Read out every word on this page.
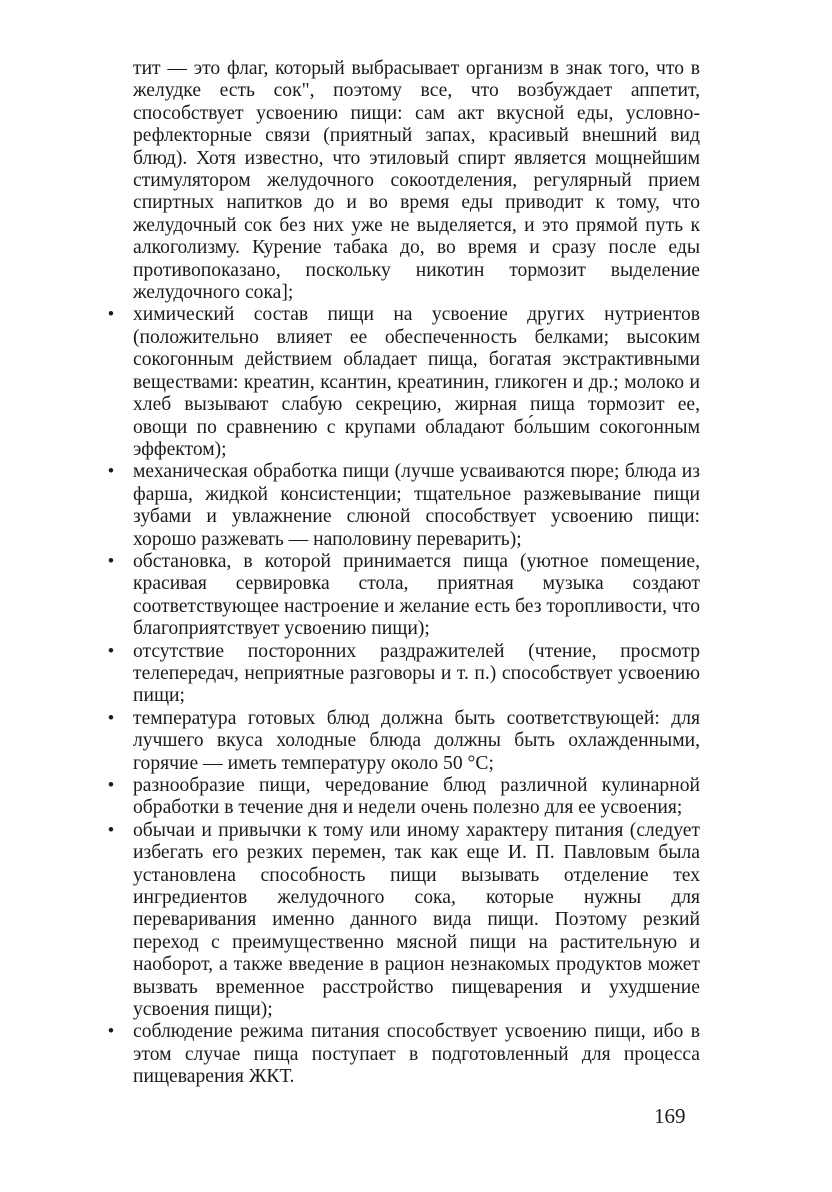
тит — это флаг, который выбрасывает организм в знак того, что в желудке есть сок", поэтому все, что возбуждает аппетит, способствует усвоению пищи: сам акт вкусной еды, условно-рефлекторные связи (приятный запах, красивый внешний вид блюд). Хотя известно, что этиловый спирт является мощнейшим стимулятором желудочного сокоотделения, регулярный прием спиртных напитков до и во время еды приводит к тому, что желудочный сок без них уже не выделяется, и это прямой путь к алкоголизму. Курение табака до, во время и сразу после еды противопоказано, поскольку никотин тормозит выделение желудочного сока];

• химический состав пищи на усвоение других нутриентов (положительно влияет ее обеспеченность белками; высоким сокогонным действием обладает пища, богатая экстрактивными веществами: креатин, ксантин, креатинин, гликоген и др.; молоко и хлеб вызывают слабую секрецию, жирная пища тормозит ее, овощи по сравнению с крупами обладают бо́льшим сокогонным эффектом);
• механическая обработка пищи (лучше усваиваются пюре; блюда из фарша, жидкой консистенции; тщательное разжевывание пищи зубами и увлажнение слюной способствует усвоению пищи: хорошо разжевать — наполовину переварить);
• обстановка, в которой принимается пища (уютное помещение, красивая сервировка стола, приятная музыка создают соответствующее настроение и желание есть без торопливости, что благоприятствует усвоению пищи);
• отсутствие посторонних раздражителей (чтение, просмотр телепередач, неприятные разговоры и т. п.) способствует усвоению пищи;
• температура готовых блюд должна быть соответствующей: для лучшего вкуса холодные блюда должны быть охлажденными, горячие — иметь температуру около 50 °С;
• разнообразие пищи, чередование блюд различной кулинарной обработки в течение дня и недели очень полезно для ее усвоения;
• обычаи и привычки к тому или иному характеру питания (следует избегать его резких перемен, так как еще И. П. Павловым была установлена способность пищи вызывать отделение тех ингредиентов желудочного сока, которые нужны для переваривания именно данного вида пищи. Поэтому резкий переход с преимущественно мясной пищи на растительную и наоборот, а также введение в рацион незнакомых продуктов может вызвать временное расстройство пищеварения и ухудшение усвоения пищи);
• соблюдение режима питания способствует усвоению пищи, ибо в этом случае пища поступает в подготовленный для процесса пищеварения ЖКТ.
169
